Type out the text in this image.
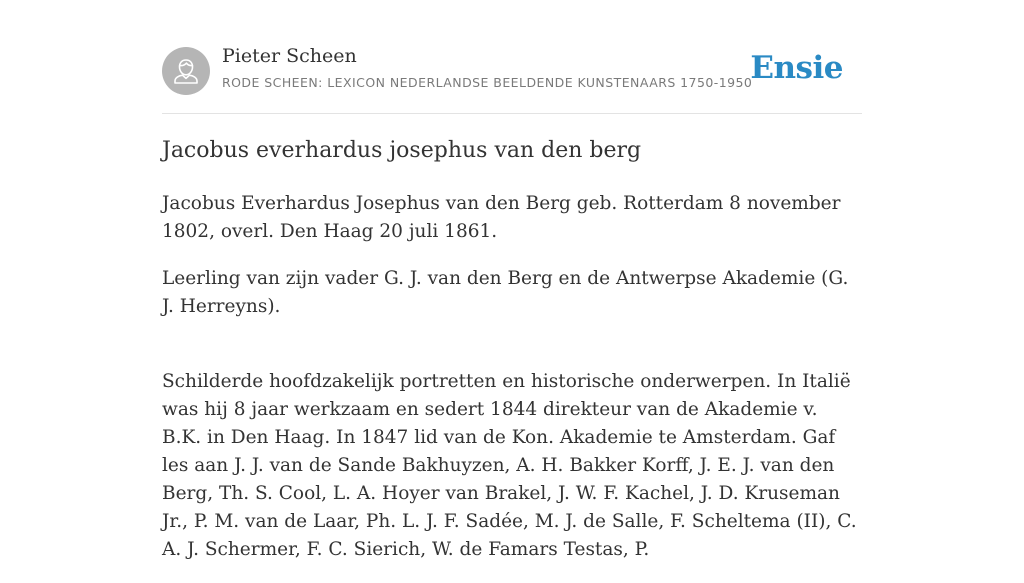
Pieter Scheen
RODE SCHEEN: LEXICON NEDERLANDSE BEELDENDE KUNSTENAARS 1750-1950
Ensie
Jacobus everhardus josephus van den berg

Jacobus Everhardus Josephus van den Berg geb. Rotterdam 8 november 1802, overl. Den Haag 20 juli 1861.

Leerling van zijn vader G. J. van den Berg en de Antwerpse Akademie (G. J. Herreyns).

Schilderde hoofdzakelijk portretten en historische onderwerpen. In Italië was hij 8 jaar werkzaam en sedert 1844 direkteur van de Akademie v. B.K. in Den Haag. In 1847 lid van de Kon. Akademie te Amsterdam. Gaf les aan J. J. van de Sande Bakhuyzen, A. H. Bakker Korff, J. E. J. van den Berg, Th. S. Cool, L. A. Hoyer van Brakel, J. W. F. Kachel, J. D. Kruseman Jr., P. M. van de Laar, Ph. L. J. F. Sadée, M. J. de Salle, F. Scheltema (II), C. A. J. Schermer, F. C. Sierich, W. de Famars Testas, P.
